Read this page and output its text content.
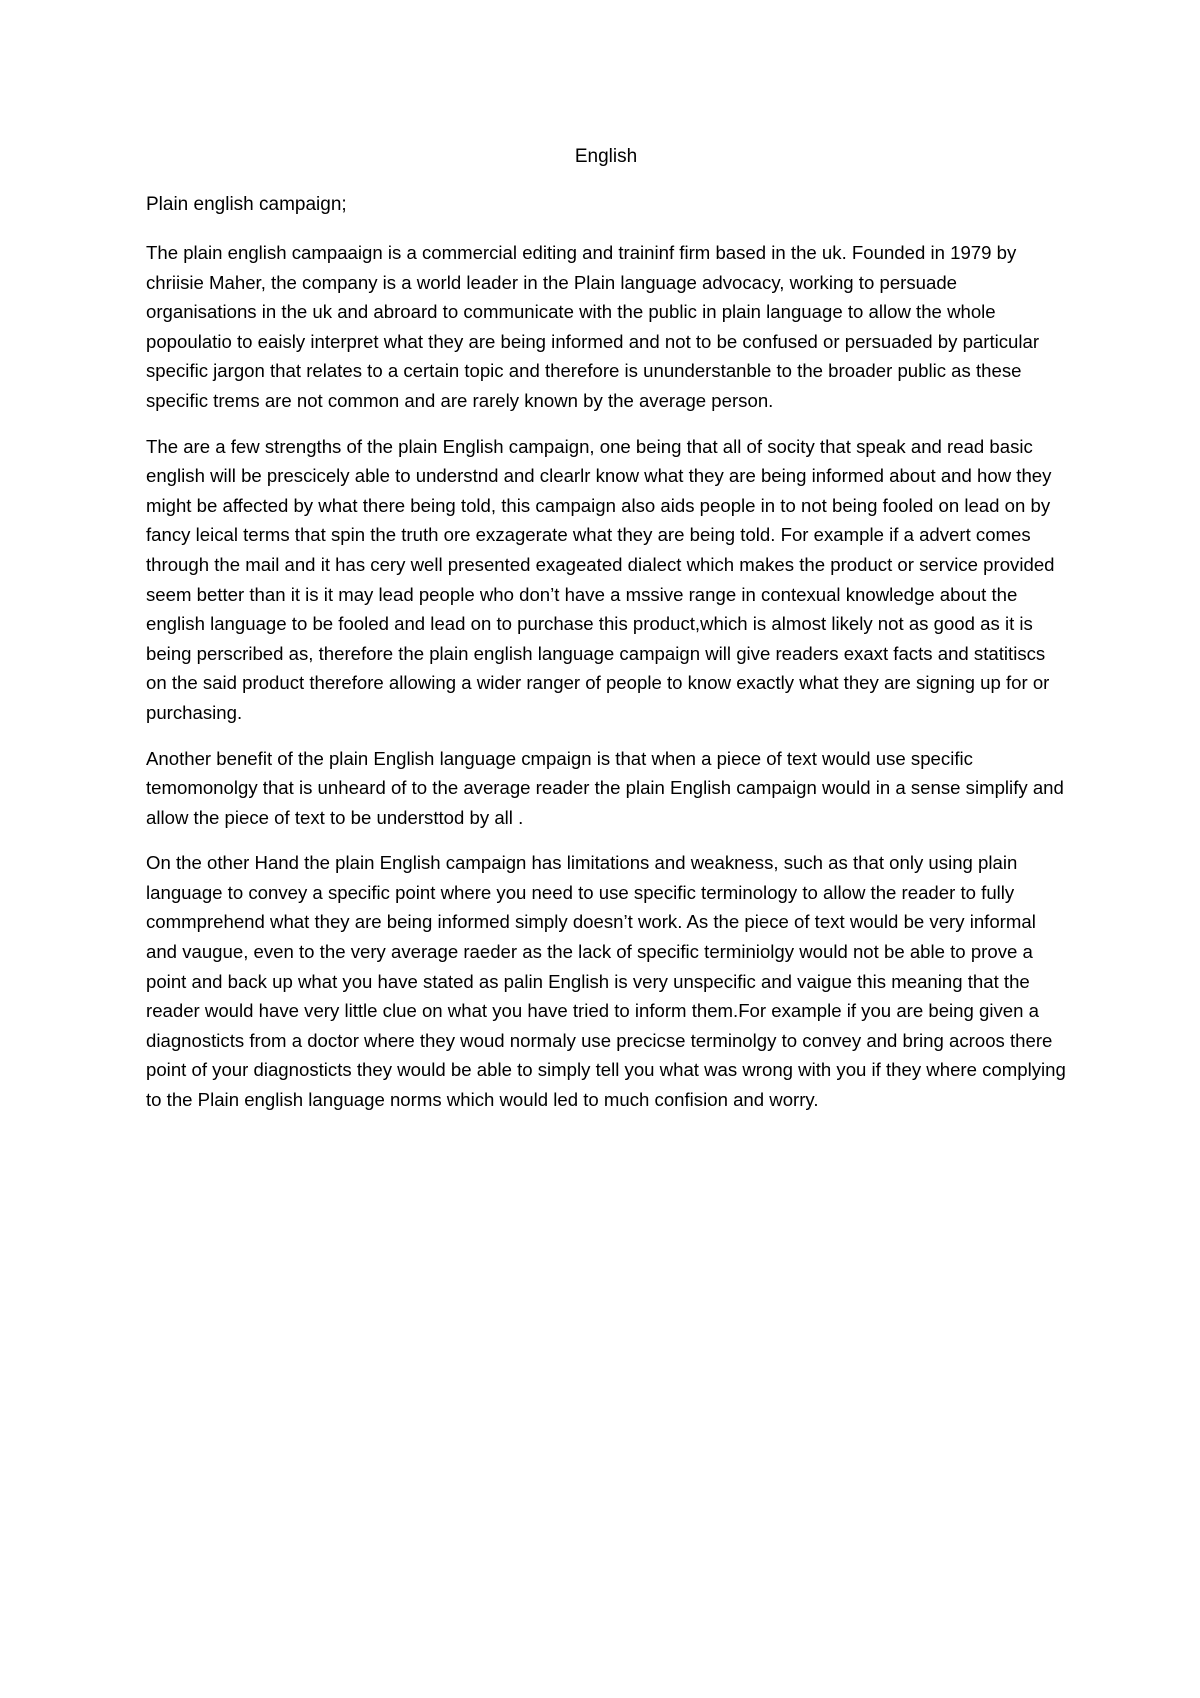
English
Plain english campaign;

The plain english campaaign is a commercial editing and traininf firm based in the uk. Founded in 1979 by chriisie Maher, the company is a world leader in the Plain language advocacy, working to persuade organisations in the uk and abroard to communicate with the public in plain language to allow the whole popoulatio to eaisly interpret what they are being informed and not to be confused or persuaded by particular specific jargon that relates to a certain topic and therefore is ununderstanble to the broader public as these specific trems are not common and are rarely known by the average person.

The are a few strengths of the plain English campaign, one being that all of socity that speak and read basic english will be prescicely able to understnd and clearlr know what they are being informed about and how they might be affected by what there being told, this campaign also aids people in to not being fooled on lead on by fancy leical terms that spin the truth ore exzagerate what they are being told. For example if a advert comes through the mail and it has cery well presented exageated dialect which makes the product or service provided seem better than it is it may lead people who don’t have a mssive range in contexual knowledge about the english language to be fooled and lead on to purchase this product,which is almost likely not as good as it is being perscribed as, therefore the plain english language campaign will give readers exaxt facts and statitiscs on the said product therefore allowing a wider ranger of people to know exactly what they are signing up for or purchasing.

Another benefit of the plain English language cmpaign is that when a piece of text would use specific temomonolgy that is unheard of to the average reader the plain English campaign would in a sense simplify and allow the piece of text to be understtod by all .

On the other Hand the plain English campaign has limitations and weakness, such as that only using plain language to convey a specific point where you need to use specific terminology to allow the reader to fully commprehend what they are being informed simply doesn’t work. As the piece of text would be very informal and vaugue, even to the very average raeder as the lack of specific terminiolgy would not be able to prove a point and back up what you have stated as palin English is very unspecific and vaigue this meaning that the reader would have very little clue on what you have tried to inform them.For example if you are being given a diagnosticts from a doctor where they woud normaly use precicse terminolgy to convey and bring acroos there point of your diagnosticts they would be able to simply tell you what was wrong with you if they where complying to the Plain english language norms which would led to much confision and worry.
